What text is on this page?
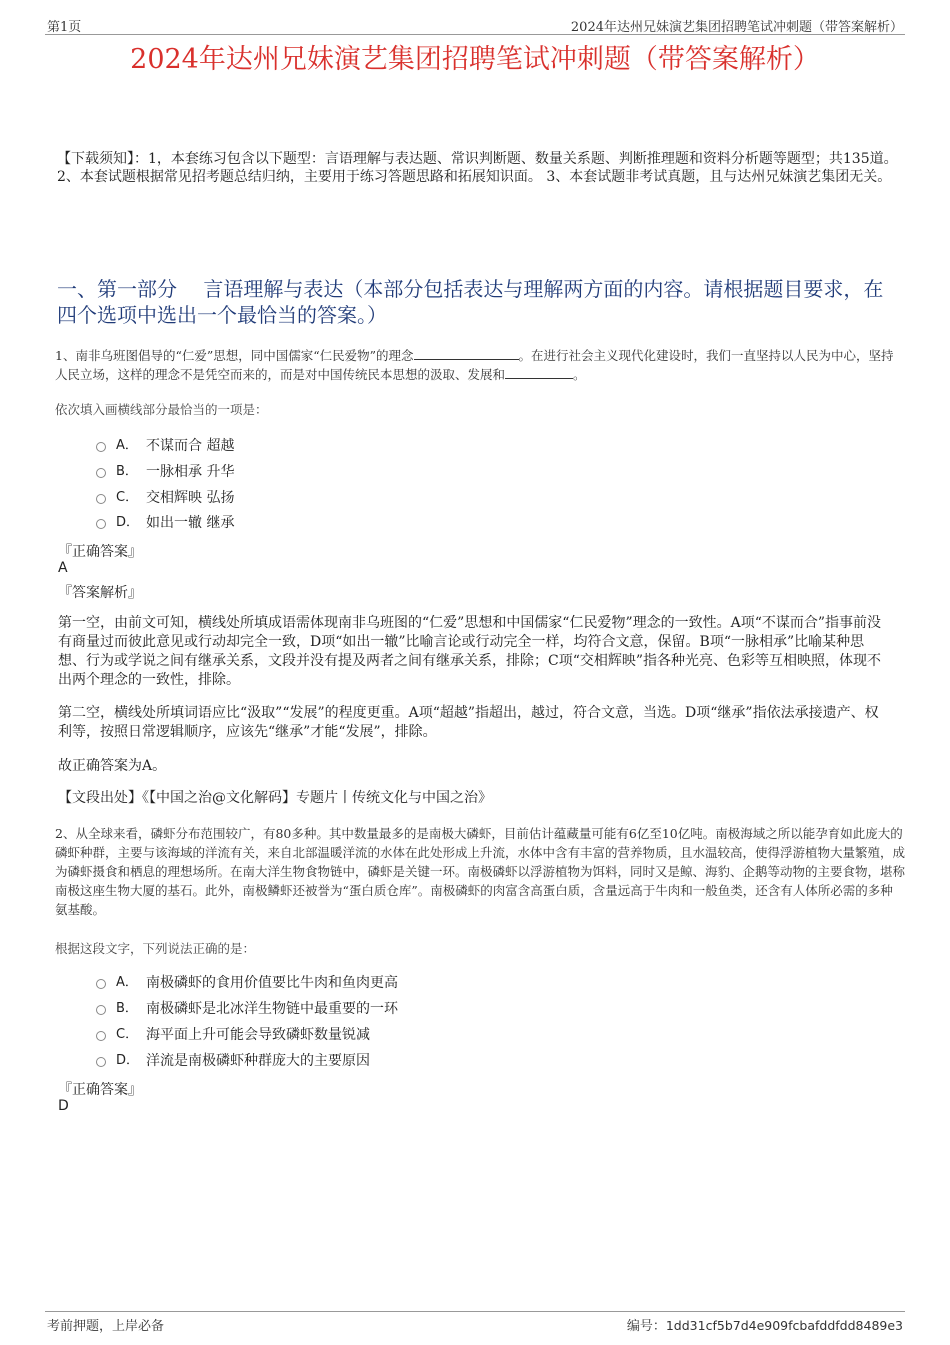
第1页	2024年达州兄妹演艺集团招聘笔试冲刺题（带答案解析）
2024年达州兄妹演艺集团招聘笔试冲刺题（带答案解析）
【下载须知】：1，本套练习包含以下题型：言语理解与表达题、常识判断题、数量关系题、判断推理题和资料分析题等题型；共135道。 2、本套试题根据常见招考题总结归纳，主要用于练习答题思路和拓展知识面。 3、本套试题非考试真题，且与达州兄妹演艺集团无关。
一、第一部分　 言语理解与表达（本部分包括表达与理解两方面的内容。请根据题目要求，在四个选项中选出一个最恰当的答案。）
1、南非乌班图倡导的“仁爱”思想，同中国儒家“仁民爱物”的理念	。在进行社会主义现代化建设时，我们一直坚持以人民为中心，坚持人民立场，这样的理念不是凭空而来的，而是对中国传统民本思想的汲取、发展和	。
依次填入画横线部分最恰当的一项是：
A． 不谋而合 超越
B． 一脉相承 升华
C． 交相辉映 弘扬
D． 如出一辙 继承
『正确答案』
A
『答案解析』
第一空，由前文可知，横线处所填成语需体现南非乌班图的“仁爱”思想和中国儒家“仁民爱物”理念的一致性。A项“不谋而合”指事前没有商量过而彼此意见或行动却完全一致，D项“如出一辙”比喻言论或行动完全一样，均符合文意，保留。B项“一脉相承”比喻某种思想、行为或学说之间有继承关系，文段并没有提及两者之间有继承关系，排除；C项“交相辉映”指各种光亮、色彩等互相映照，体现不出两个理念的一致性，排除。
第二空，横线处所填词语应比“汲取”“发展”的程度更重。A项“超越”指超出，越过，符合文意，当选。D项“继承”指依法承接遗产、权利等，按照日常逻辑顺序，应该先“继承”才能“发展”，排除。
故正确答案为A。
【文段出处】《【中国之治@文化解码】专题片丨传统文化与中国之治》
2、从全球来看，磷虾分布范围较广，有80多种。其中数量最多的是南极大磷虾，目前估计蕴藏量可能有6亿至10亿吨。南极海域之所以能孕育如此庞大的磷虾种群，主要与该海域的洋流有关，来自北部温暖洋流的水体在此处形成上升流，水体中含有丰富的营养物质，且水温较高，使得浮游植物大量繁殖，成为磷虾摄食和栖息的理想场所。在南大洋生物食物链中，磷虾是关键一环。南极磷虾以浮游植物为饵料，同时又是鲸、海豹、企鹅等动物的主要食物，堪称南极这座生物大厦的基石。此外，南极鳞虾还被誉为“蛋白质仓库”。南极磷虾的肉富含高蛋白质，含量远高于牛肉和一般鱼类，还含有人体所必需的多种氨基酸。
根据这段文字，下列说法正确的是：
A． 南极磷虾的食用价值要比牛肉和鱼肉更高
B． 南极磷虾是北冰洋生物链中最重要的一环
C． 海平面上升可能会导致磷虾数量锐减
D． 洋流是南极磷虾种群庞大的主要原因
『正确答案』
D
考前押题，上岸必备	编号：1dd31cf5b7d4e909fcbafddfdd8489e3
